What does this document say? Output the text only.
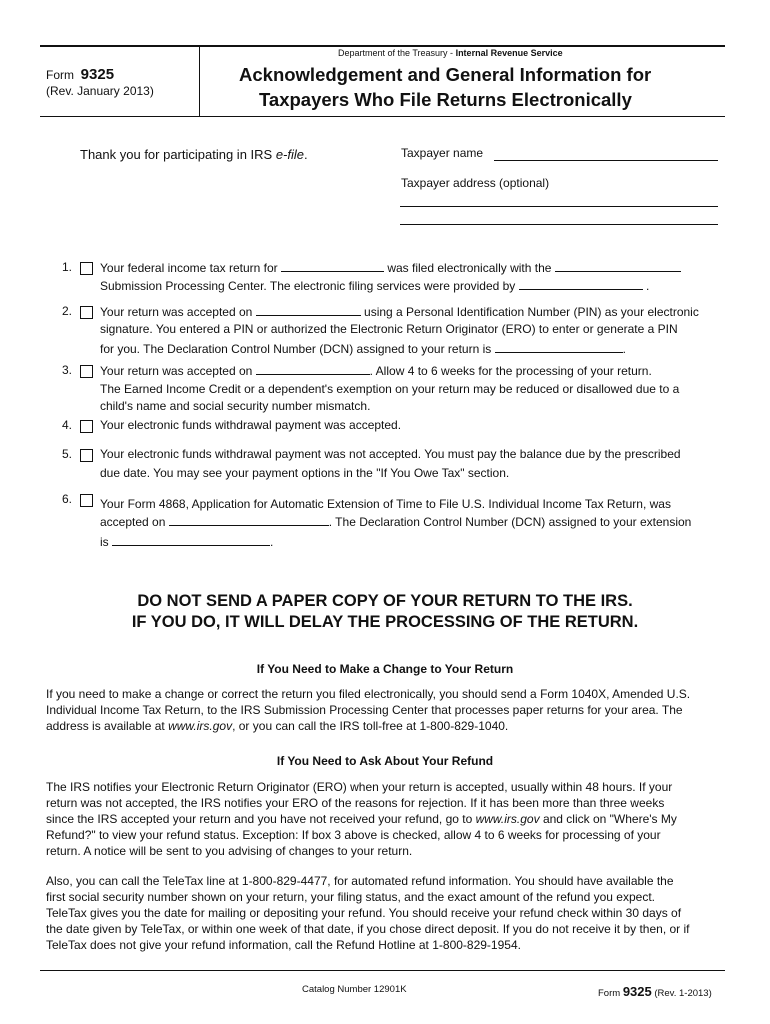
Department of the Treasury - Internal Revenue Service
Form 9325
(Rev. January 2013)
Acknowledgement and General Information for
Taxpayers Who File Returns Electronically
Thank you for participating in IRS e-file.	Taxpayer name
Taxpayer address (optional)
1. Your federal income tax return for	was filed electronically with the
Submission Processing Center. The electronic filing services were provided by	.
2. Your return was accepted on	using a Personal Identification Number (PIN) as your electronic
signature. You entered a PIN or authorized the Electronic Return Originator (ERO) to enter or generate a PIN
for you. The Declaration Control Number (DCN) assigned to your return is	.
3. Your return was accepted on	. Allow 4 to 6 weeks for the processing of your return.
The Earned Income Credit or a dependent's exemption on your return may be reduced or disallowed due to a
child's name and social security number mismatch.
4. Your electronic funds withdrawal payment was accepted.
5. Your electronic funds withdrawal payment was not accepted. You must pay the balance due by the prescribed
due date. You may see your payment options in the "If You Owe Tax" section.
6. Your Form 4868, Application for Automatic Extension of Time to File U.S. Individual Income Tax Return, was
accepted on	. The Declaration Control Number (DCN) assigned to your extension
is	.
DO NOT SEND A PAPER COPY OF YOUR RETURN TO THE IRS.
IF YOU DO, IT WILL DELAY THE PROCESSING OF THE RETURN.
If You Need to Make a Change to Your Return
If you need to make a change or correct the return you filed electronically, you should send a Form 1040X, Amended U.S.
Individual Income Tax Return, to the IRS Submission Processing Center that processes paper returns for your area. The
address is available at www.irs.gov, or you can call the IRS toll-free at 1-800-829-1040.
If You Need to Ask About Your Refund
The IRS notifies your Electronic Return Originator (ERO) when your return is accepted, usually within 48 hours. If your
return was not accepted, the IRS notifies your ERO of the reasons for rejection. If it has been more than three weeks
since the IRS accepted your return and you have not received your refund, go to www.irs.gov and click on "Where's My
Refund?" to view your refund status. Exception: If box 3 above is checked, allow 4 to 6 weeks for processing of your
return. A notice will be sent to you advising of changes to your return.
Also, you can call the TeleTax line at 1-800-829-4477, for automated refund information. You should have available the
first social security number shown on your return, your filing status, and the exact amount of the refund you expect.
TeleTax gives you the date for mailing or depositing your refund. You should receive your refund check within 30 days of
the date given by TeleTax, or within one week of that date, if you chose direct deposit. If you do not receive it by then, or if
TeleTax does not give your refund information, call the Refund Hotline at 1-800-829-1954.
Catalog Number 12901K	Form 9325 (Rev. 1-2013)
